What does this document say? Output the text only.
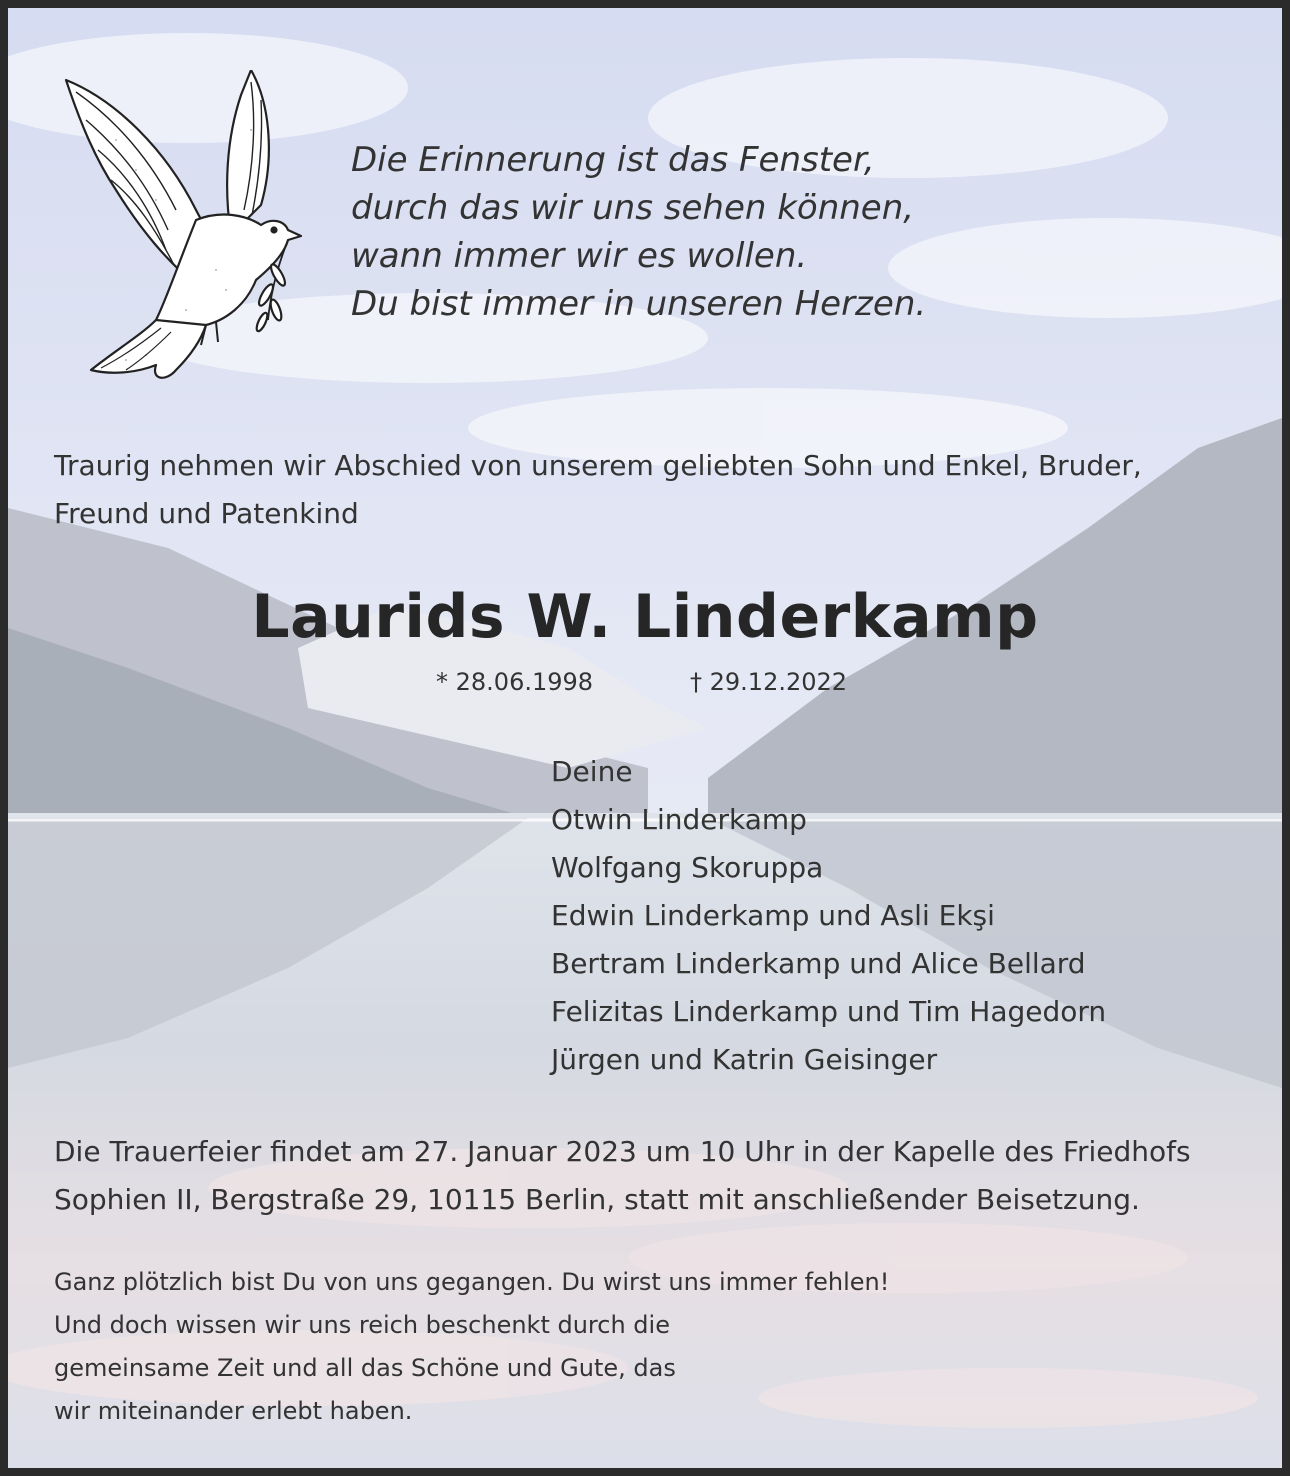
Die Erinnerung ist das Fenster,
durch das wir uns sehen können,
wann immer wir es wollen.
Du bist immer in unseren Herzen.
Traurig nehmen wir Abschied von unserem geliebten Sohn und Enkel, Bruder, Freund und Patenkind
Laurids W. Linderkamp
* 28.06.1998	† 29.12.2022
Deine
Otwin Linderkamp
Wolfgang Skoruppa
Edwin Linderkamp und Asli Ekşi
Bertram Linderkamp und Alice Bellard
Felizitas Linderkamp und Tim Hagedorn
Jürgen und Katrin Geisinger
Die Trauerfeier findet am 27. Januar 2023 um 10 Uhr in der Kapelle des Friedhofs Sophien II, Bergstraße 29, 10115 Berlin, statt mit anschließender Beisetzung.
Ganz plötzlich bist Du von uns gegangen. Du wirst uns immer fehlen!
Und doch wissen wir uns reich beschenkt durch die
gemeinsame Zeit und all das Schöne und Gute, das
wir miteinander erlebt haben.
